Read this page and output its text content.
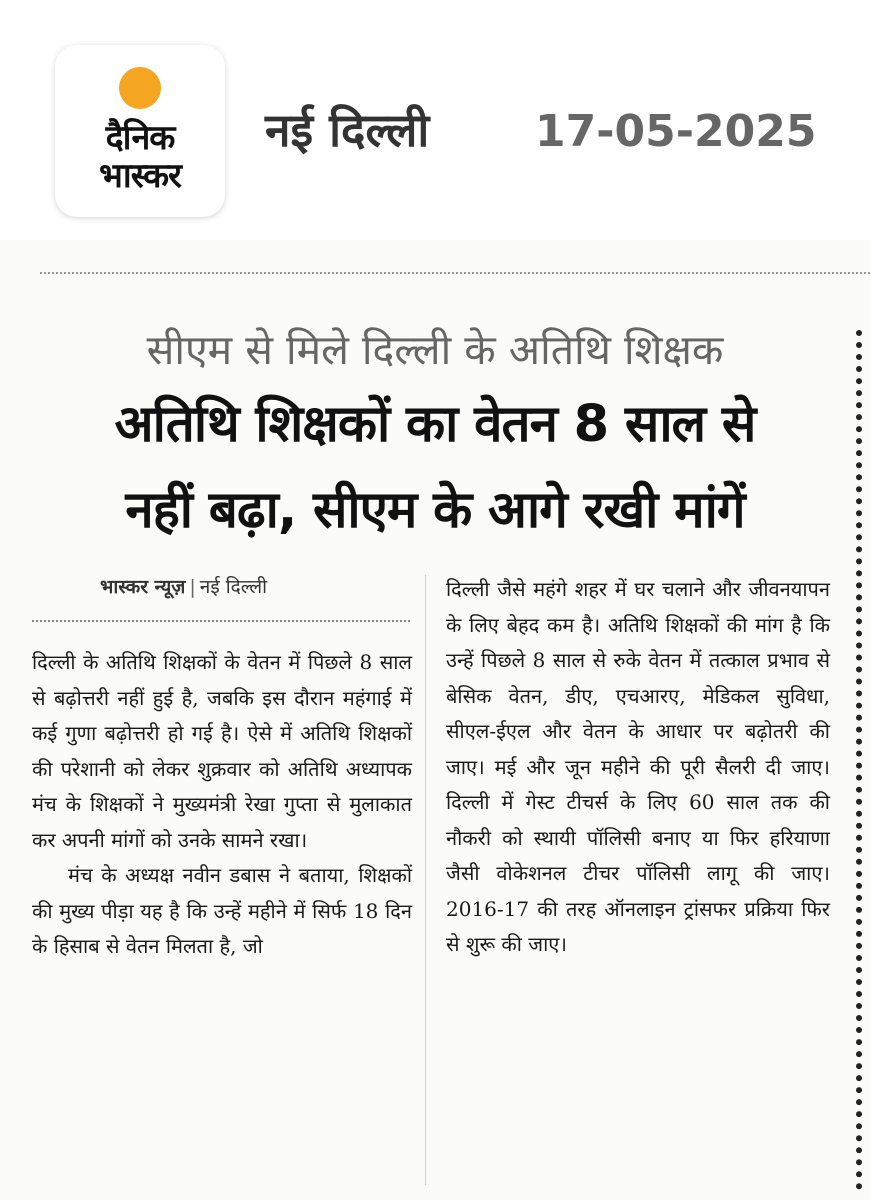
दैनिक
भास्कर
नई दिल्ली 17-05-2025
सीएम से मिले दिल्ली के अतिथि शिक्षक
अतिथि शिक्षकों का वेतन 8 साल से
नहीं बढ़ा, सीएम के आगे रखी मांगें
भास्कर न्यूज़ | नई दिल्ली

दिल्ली के अतिथि शिक्षकों के वेतन में पिछले 8 साल से बढ़ोत्तरी नहीं हुई है, जबकि इस दौरान महंगाई में कई गुणा बढ़ोत्तरी हो गई है। ऐसे में अतिथि शिक्षकों की परेशानी को लेकर शुक्रवार को अतिथि अध्यापक मंच के शिक्षकों ने मुख्यमंत्री रेखा गुप्ता से मुलाकात कर अपनी मांगों को उनके सामने रखा।

मंच के अध्यक्ष नवीन डबास ने बताया, शिक्षकों की मुख्य पीड़ा यह है कि उन्हें महीने में सिर्फ 18 दिन के हिसाब से वेतन मिलता है, जो

दिल्ली जैसे महंगे शहर में घर चलाने और जीवनयापन के लिए बेहद कम है। अतिथि शिक्षकों की मांग है कि उन्हें पिछले 8 साल से रुके वेतन में तत्काल प्रभाव से बेसिक वेतन, डीए, एचआरए, मेडिकल सुविधा, सीएल-ईएल और वेतन के आधार पर बढ़ोतरी की जाए। मई और जून महीने की पूरी सैलरी दी जाए। दिल्ली में गेस्ट टीचर्स के लिए 60 साल तक की नौकरी को स्थायी पॉलिसी बनाए या फिर हरियाणा जैसी वोकेशनल टीचर पॉलिसी लागू की जाए। 2016-17 की तरह ऑनलाइन ट्रांसफर प्रक्रिया फिर से शुरू की जाए।
